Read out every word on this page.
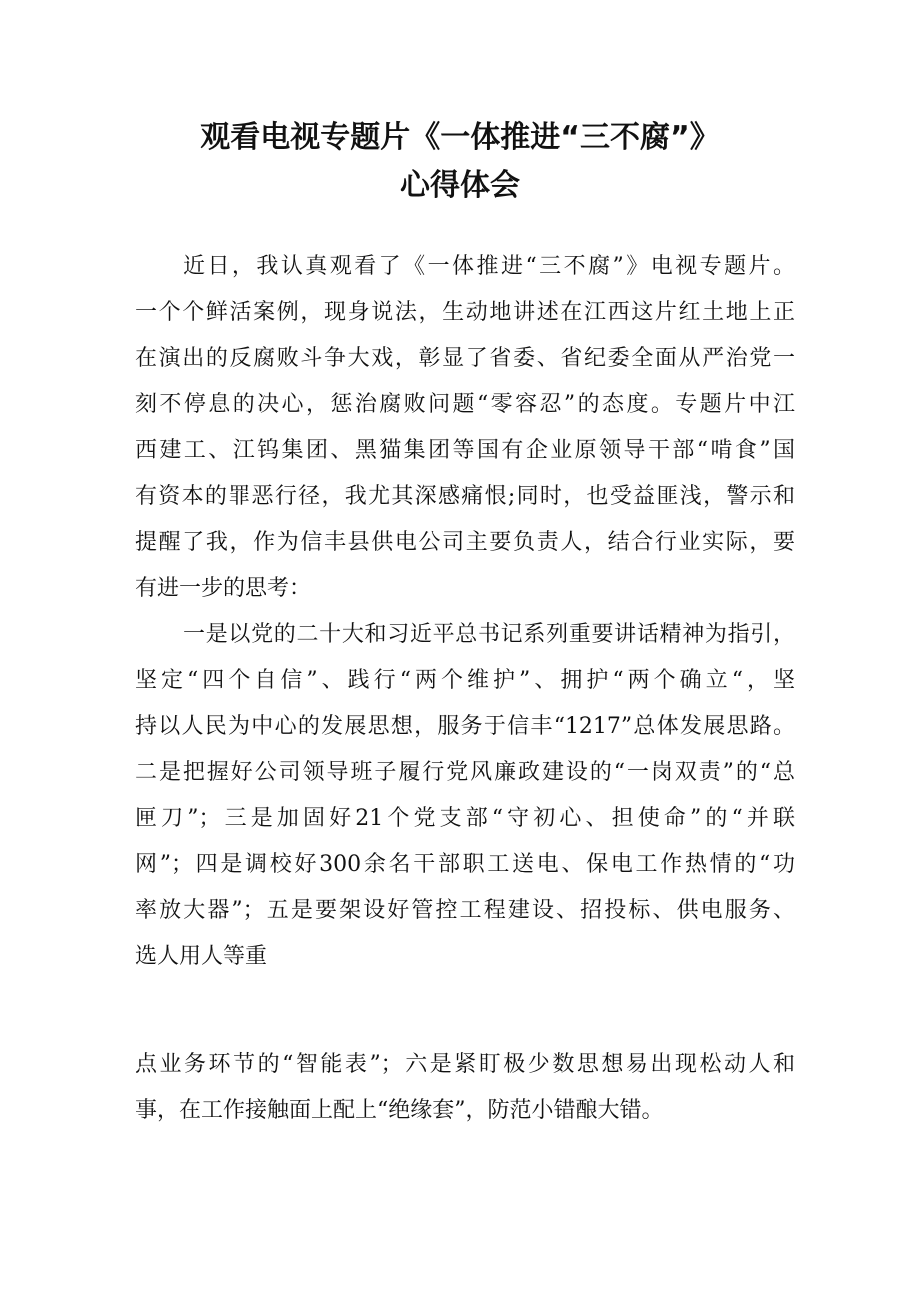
观看电视专题片《一体推进“三不腐”》
心得体会
近日，我认真观看了《一体推进“三不腐”》电视专题片。
一个个鲜活案例，现身说法，生动地讲述在江西这片红土地上正
在演出的反腐败斗争大戏，彰显了省委、省纪委全面从严治党一
刻不停息的决心，惩治腐败问题“零容忍”的态度。专题片中江
西建工、江钨集团、黑猫集团等国有企业原领导干部“啃食”国
有资本的罪恶行径，我尤其深感痛恨;同时，也受益匪浅，警示和
提醒了我，作为信丰县供电公司主要负责人，结合行业实际，要
有进一步的思考：
一是以党的二十大和习近平总书记系列重要讲话精神为指引，
坚定“四个自信”、践行“两个维护”、拥护“两个确立“，坚
持以人民为中心的发展思想，服务于信丰“1217”总体发展思路。
二是把握好公司领导班子履行党风廉政建设的“一岗双责”的“总
匣刀”；三是加固好21个党支部“守初心、担使命”的“并联
网”；四是调校好300余名干部职工送电、保电工作热情的“功
率放大器”；五是要架设好管控工程建设、招投标、供电服务、
选人用人等重
点业务环节的“智能表”；六是紧盯极少数思想易出现松动人和
事，在工作接触面上配上“绝缘套”，防范小错酿大错。
